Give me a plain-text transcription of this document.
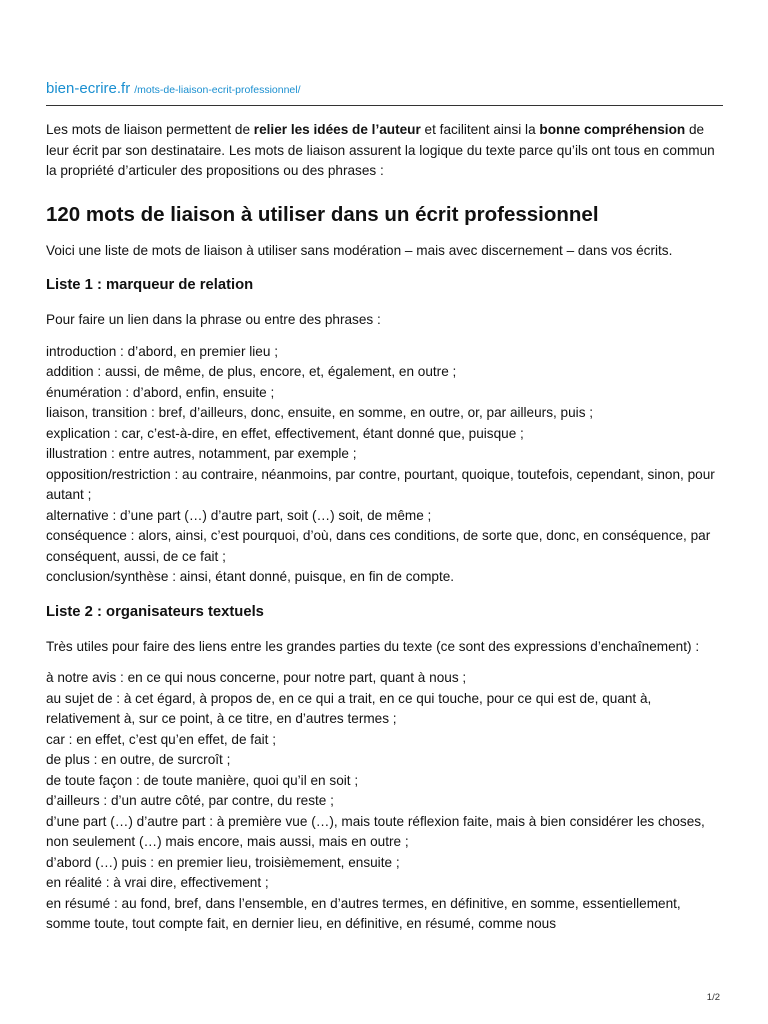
bien-ecrire.fr /mots-de-liaison-ecrit-professionnel/

Les mots de liaison permettent de relier les idées de l’auteur et facilitent ainsi la bonne compréhension de leur écrit par son destinataire. Les mots de liaison assurent la logique du texte parce qu’ils ont tous en commun la propriété d’articuler des propositions ou des phrases :

120 mots de liaison à utiliser dans un écrit professionnel

Voici une liste de mots de liaison à utiliser sans modération – mais avec discernement – dans vos écrits.

Liste 1 : marqueur de relation

Pour faire un lien dans la phrase ou entre des phrases :

introduction : d’abord, en premier lieu ;
addition : aussi, de même, de plus, encore, et, également, en outre ;
énumération : d’abord, enfin, ensuite ;
liaison, transition : bref, d’ailleurs, donc, ensuite, en somme, en outre, or, par ailleurs, puis ;
explication : car, c’est-à-dire, en effet, effectivement, étant donné que, puisque ;
illustration : entre autres, notamment, par exemple ;
opposition/restriction : au contraire, néanmoins, par contre, pourtant, quoique, toutefois, cependant, sinon, pour autant ;
alternative : d’une part (…) d’autre part, soit (…) soit, de même ;
conséquence : alors, ainsi, c’est pourquoi, d’où, dans ces conditions, de sorte que, donc, en conséquence, par conséquent, aussi, de ce fait ;
conclusion/synthèse : ainsi, étant donné, puisque, en fin de compte.
Liste 2 : organisateurs textuels

Très utiles pour faire des liens entre les grandes parties du texte (ce sont des expressions d’enchaînement) :

à notre avis : en ce qui nous concerne, pour notre part, quant à nous ;
au sujet de : à cet égard, à propos de, en ce qui a trait, en ce qui touche, pour ce qui est de, quant à, relativement à, sur ce point, à ce titre, en d’autres termes ;
car : en effet, c’est qu’en effet, de fait ;
de plus : en outre, de surcroît ;
de toute façon : de toute manière, quoi qu’il en soit ;
d’ailleurs : d’un autre côté, par contre, du reste ;
d’une part (…) d’autre part : à première vue (…), mais toute réflexion faite, mais à bien considérer les choses, non seulement (…) mais encore, mais aussi, mais en outre ;
d’abord (…) puis : en premier lieu, troisièmement, ensuite ;
en réalité : à vrai dire, effectivement ;
en résumé : au fond, bref, dans l’ensemble, en d’autres termes, en définitive, en somme, essentiellement, somme toute, tout compte fait, en dernier lieu, en définitive, en résumé, comme nous
1/2
